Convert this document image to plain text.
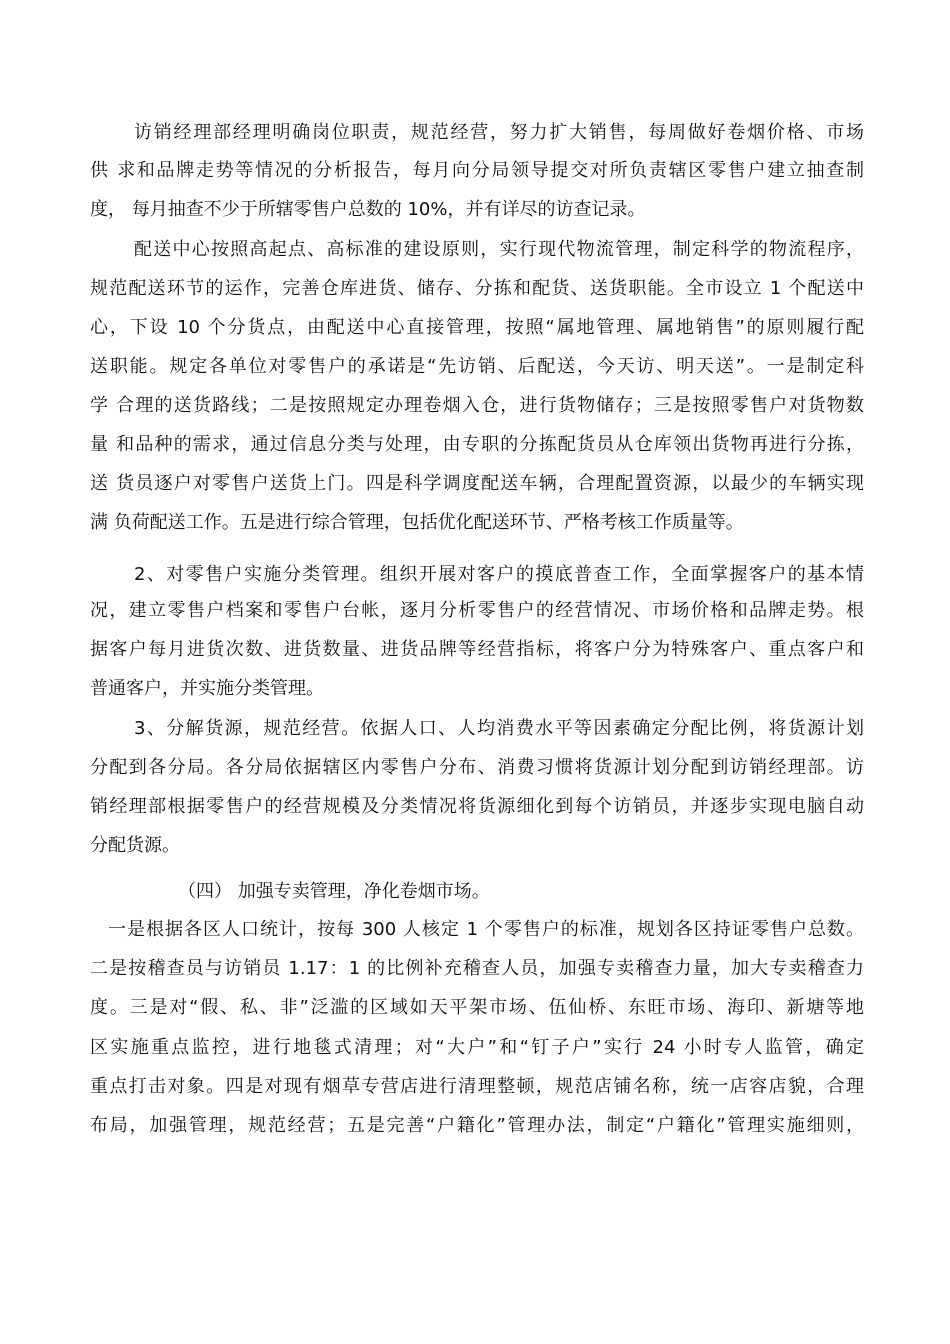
访销经理部经理明确岗位职责，规范经营，努力扩大销售，每周做好卷烟价格、市场
供 求和品牌走势等情况的分析报告，每月向分局领导提交对所负责辖区零售户建立抽查制
度， 每月抽查不少于所辖零售户总数的 10%，并有详尽的访查记录。
配送中心按照高起点、高标准的建设原则，实行现代物流管理，制定科学的物流程序，
规范配送环节的运作，完善仓库进货、储存、分拣和配货、送货职能。全市设立 1 个配送中
心，下设 10 个分货点，由配送中心直接管理，按照“属地管理、属地销售”的原则履行配
送职能。规定各单位对零售户的承诺是“先访销、后配送，今天访、明天送”。一是制定科
学 合理的送货路线；二是按照规定办理卷烟入仓，进行货物储存；三是按照零售户对货物数
量 和品种的需求，通过信息分类与处理，由专职的分拣配货员从仓库领出货物再进行分拣，
送 货员逐户对零售户送货上门。四是科学调度配送车辆，合理配置资源，以最少的车辆实现
满 负荷配送工作。五是进行综合管理，包括优化配送环节、严格考核工作质量等。
2、对零售户实施分类管理。组织开展对客户的摸底普查工作，全面掌握客户的基本情
况，建立零售户档案和零售户台帐，逐月分析零售户的经营情况、市场价格和品牌走势。根
据客户每月进货次数、进货数量、进货品牌等经营指标，将客户分为特殊客户、重点客户和
普通客户，并实施分类管理。
3、分解货源，规范经营。依据人口、人均消费水平等因素确定分配比例，将货源计划
分配到各分局。各分局依据辖区内零售户分布、消费习惯将货源计划分配到访销经理部。访
销经理部根据零售户的经营规模及分类情况将货源细化到每个访销员，并逐步实现电脑自动
分配货源。
（四） 加强专卖管理，净化卷烟市场。
一是根据各区人口统计，按每 300 人核定 1 个零售户的标准，规划各区持证零售户总数。
二是按稽查员与访销员 1.17：1 的比例补充稽查人员，加强专卖稽查力量，加大专卖稽查力
度。三是对“假、私、非”泛滥的区域如天平架市场、伍仙桥、东旺市场、海印、新塘等地
区实施重点监控，进行地毯式清理；对“大户”和“钉子户”实行 24 小时专人监管，确定
重点打击对象。四是对现有烟草专营店进行清理整顿，规范店铺名称，统一店容店貌，合理
布局，加强管理，规范经营；五是完善“户籍化”管理办法，制定“户籍化”管理实施细则，
